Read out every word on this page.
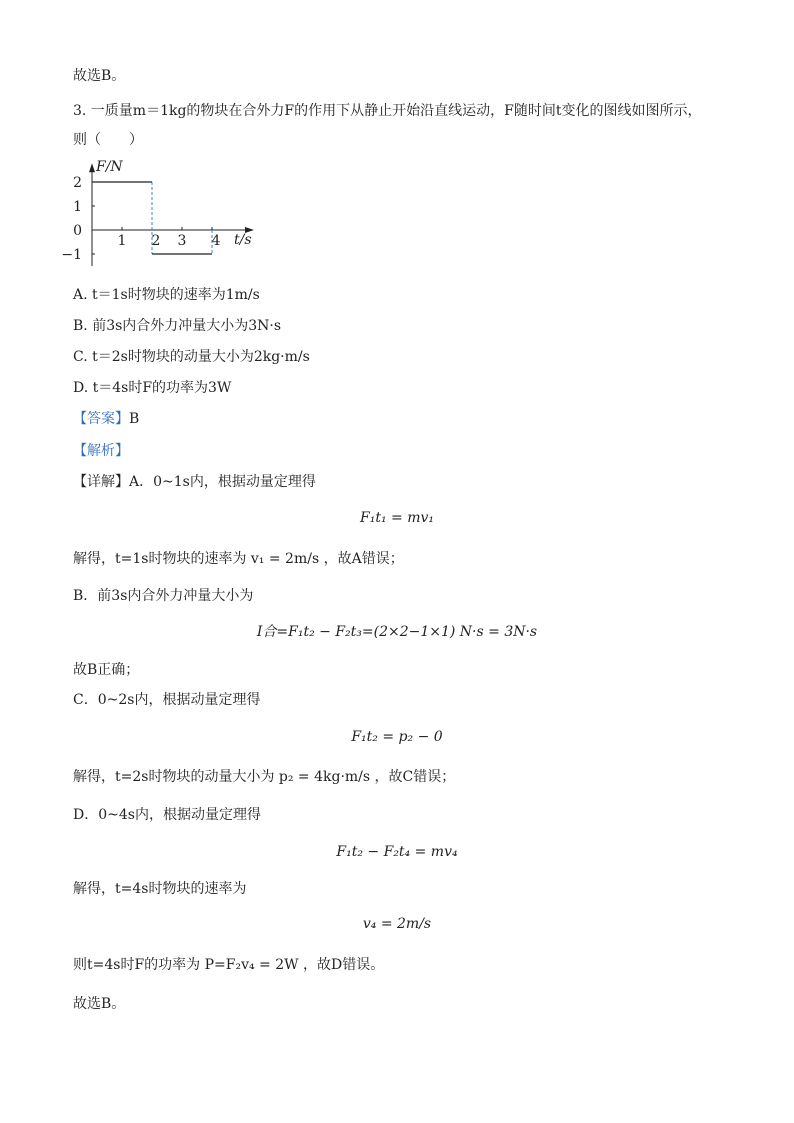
故选B。
3. 一质量m＝1kg的物块在合外力F的作用下从静止开始沿直线运动，F随时间t变化的图线如图所示，
则（　　）
F/N
t/s
2
1
0
−1
1 2 3 4
A. t＝1s时物块的速率为1m/s
B. 前3s内合外力冲量大小为3N·s
C. t＝2s时物块的动量大小为2kg·m/s
D. t＝4s时F的功率为3W
【答案】B
【解析】
【详解】A．0~1s内，根据动量定理得
F₁t₁ = mv₁
解得，t=1s时物块的速率为 v₁ = 2m/s ，故A错误；
B．前3s内合外力冲量大小为
I合=F₁t₂ − F₂t₃=(2×2−1×1) N·s = 3N·s
故B正确；
C．0~2s内，根据动量定理得
F₁t₂ = p₂ − 0
解得，t=2s时物块的动量大小为 p₂ = 4kg·m/s ，故C错误；
D．0~4s内，根据动量定理得
F₁t₂ − F₂t₄ = mv₄
解得，t=4s时物块的速率为
v₄ = 2m/s
则t=4s时F的功率为 P=F₂v₄ = 2W ，故D错误。
故选B。
